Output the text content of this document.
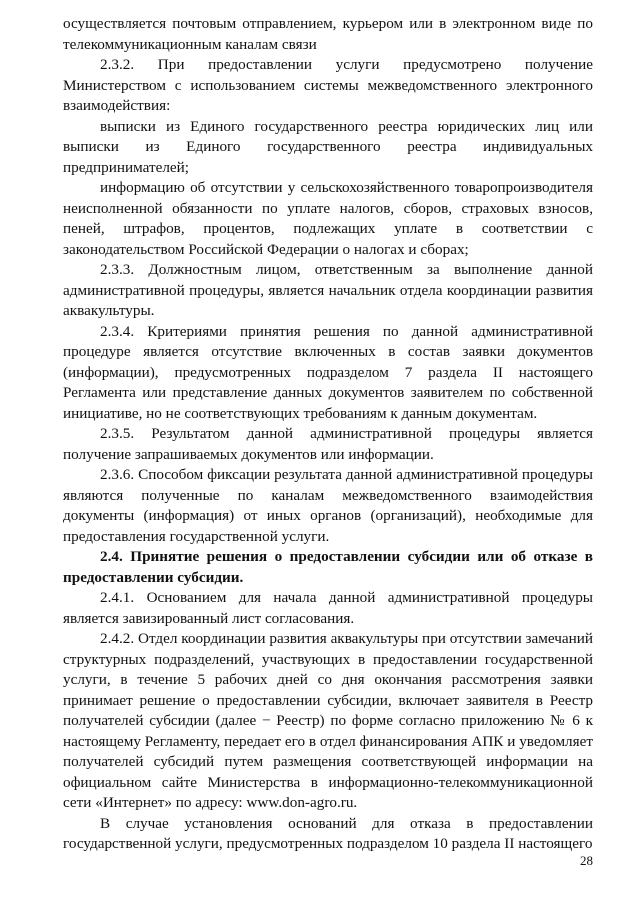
осуществляется почтовым отправлением, курьером или в электронном виде по телекоммуникационным каналам связи

2.3.2. При предоставлении услуги предусмотрено получение Министерством с использованием системы межведомственного электронного взаимодействия:

выписки из Единого государственного реестра юридических лиц или выписки из Единого государственного реестра индивидуальных предпринимателей;

информацию об отсутствии у сельскохозяйственного товаропроизводителя неисполненной обязанности по уплате налогов, сборов, страховых взносов, пеней, штрафов, процентов, подлежащих уплате в соответствии с законодательством Российской Федерации о налогах и сборах;

2.3.3. Должностным лицом, ответственным за выполнение данной административной процедуры, является начальник отдела координации развития аквакультуры.

2.3.4. Критериями принятия решения по данной административной процедуре является отсутствие включенных в состав заявки документов (информации), предусмотренных подразделом 7 раздела II настоящего Регламента или представление данных документов заявителем по собственной инициативе, но не соответствующих требованиям к данным документам.

2.3.5. Результатом данной административной процедуры является получение запрашиваемых документов или информации.

2.3.6. Способом фиксации результата данной административной процедуры являются полученные по каналам межведомственного взаимодействия документы (информация) от иных органов (организаций), необходимые для предоставления государственной услуги.

2.4. Принятие решения о предоставлении субсидии или об отказе в предоставлении субсидии.

2.4.1. Основанием для начала данной административной процедуры является завизированный лист согласования.

2.4.2. Отдел координации развития аквакультуры при отсутствии замечаний структурных подразделений, участвующих в предоставлении государственной услуги, в течение 5 рабочих дней со дня окончания рассмотрения заявки принимает решение о предоставлении субсидии, включает заявителя в Реестр получателей субсидии (далее − Реестр) по форме согласно приложению № 6 к настоящему Регламенту, передает его в отдел финансирования АПК и уведомляет получателей субсидий путем размещения соответствующей информации на официальном сайте Министерства в информационно-телекоммуникационной сети «Интернет» по адресу: www.don-agro.ru.

В случае установления оснований для отказа в предоставлении государственной услуги, предусмотренных подразделом 10 раздела II настоящего

28
